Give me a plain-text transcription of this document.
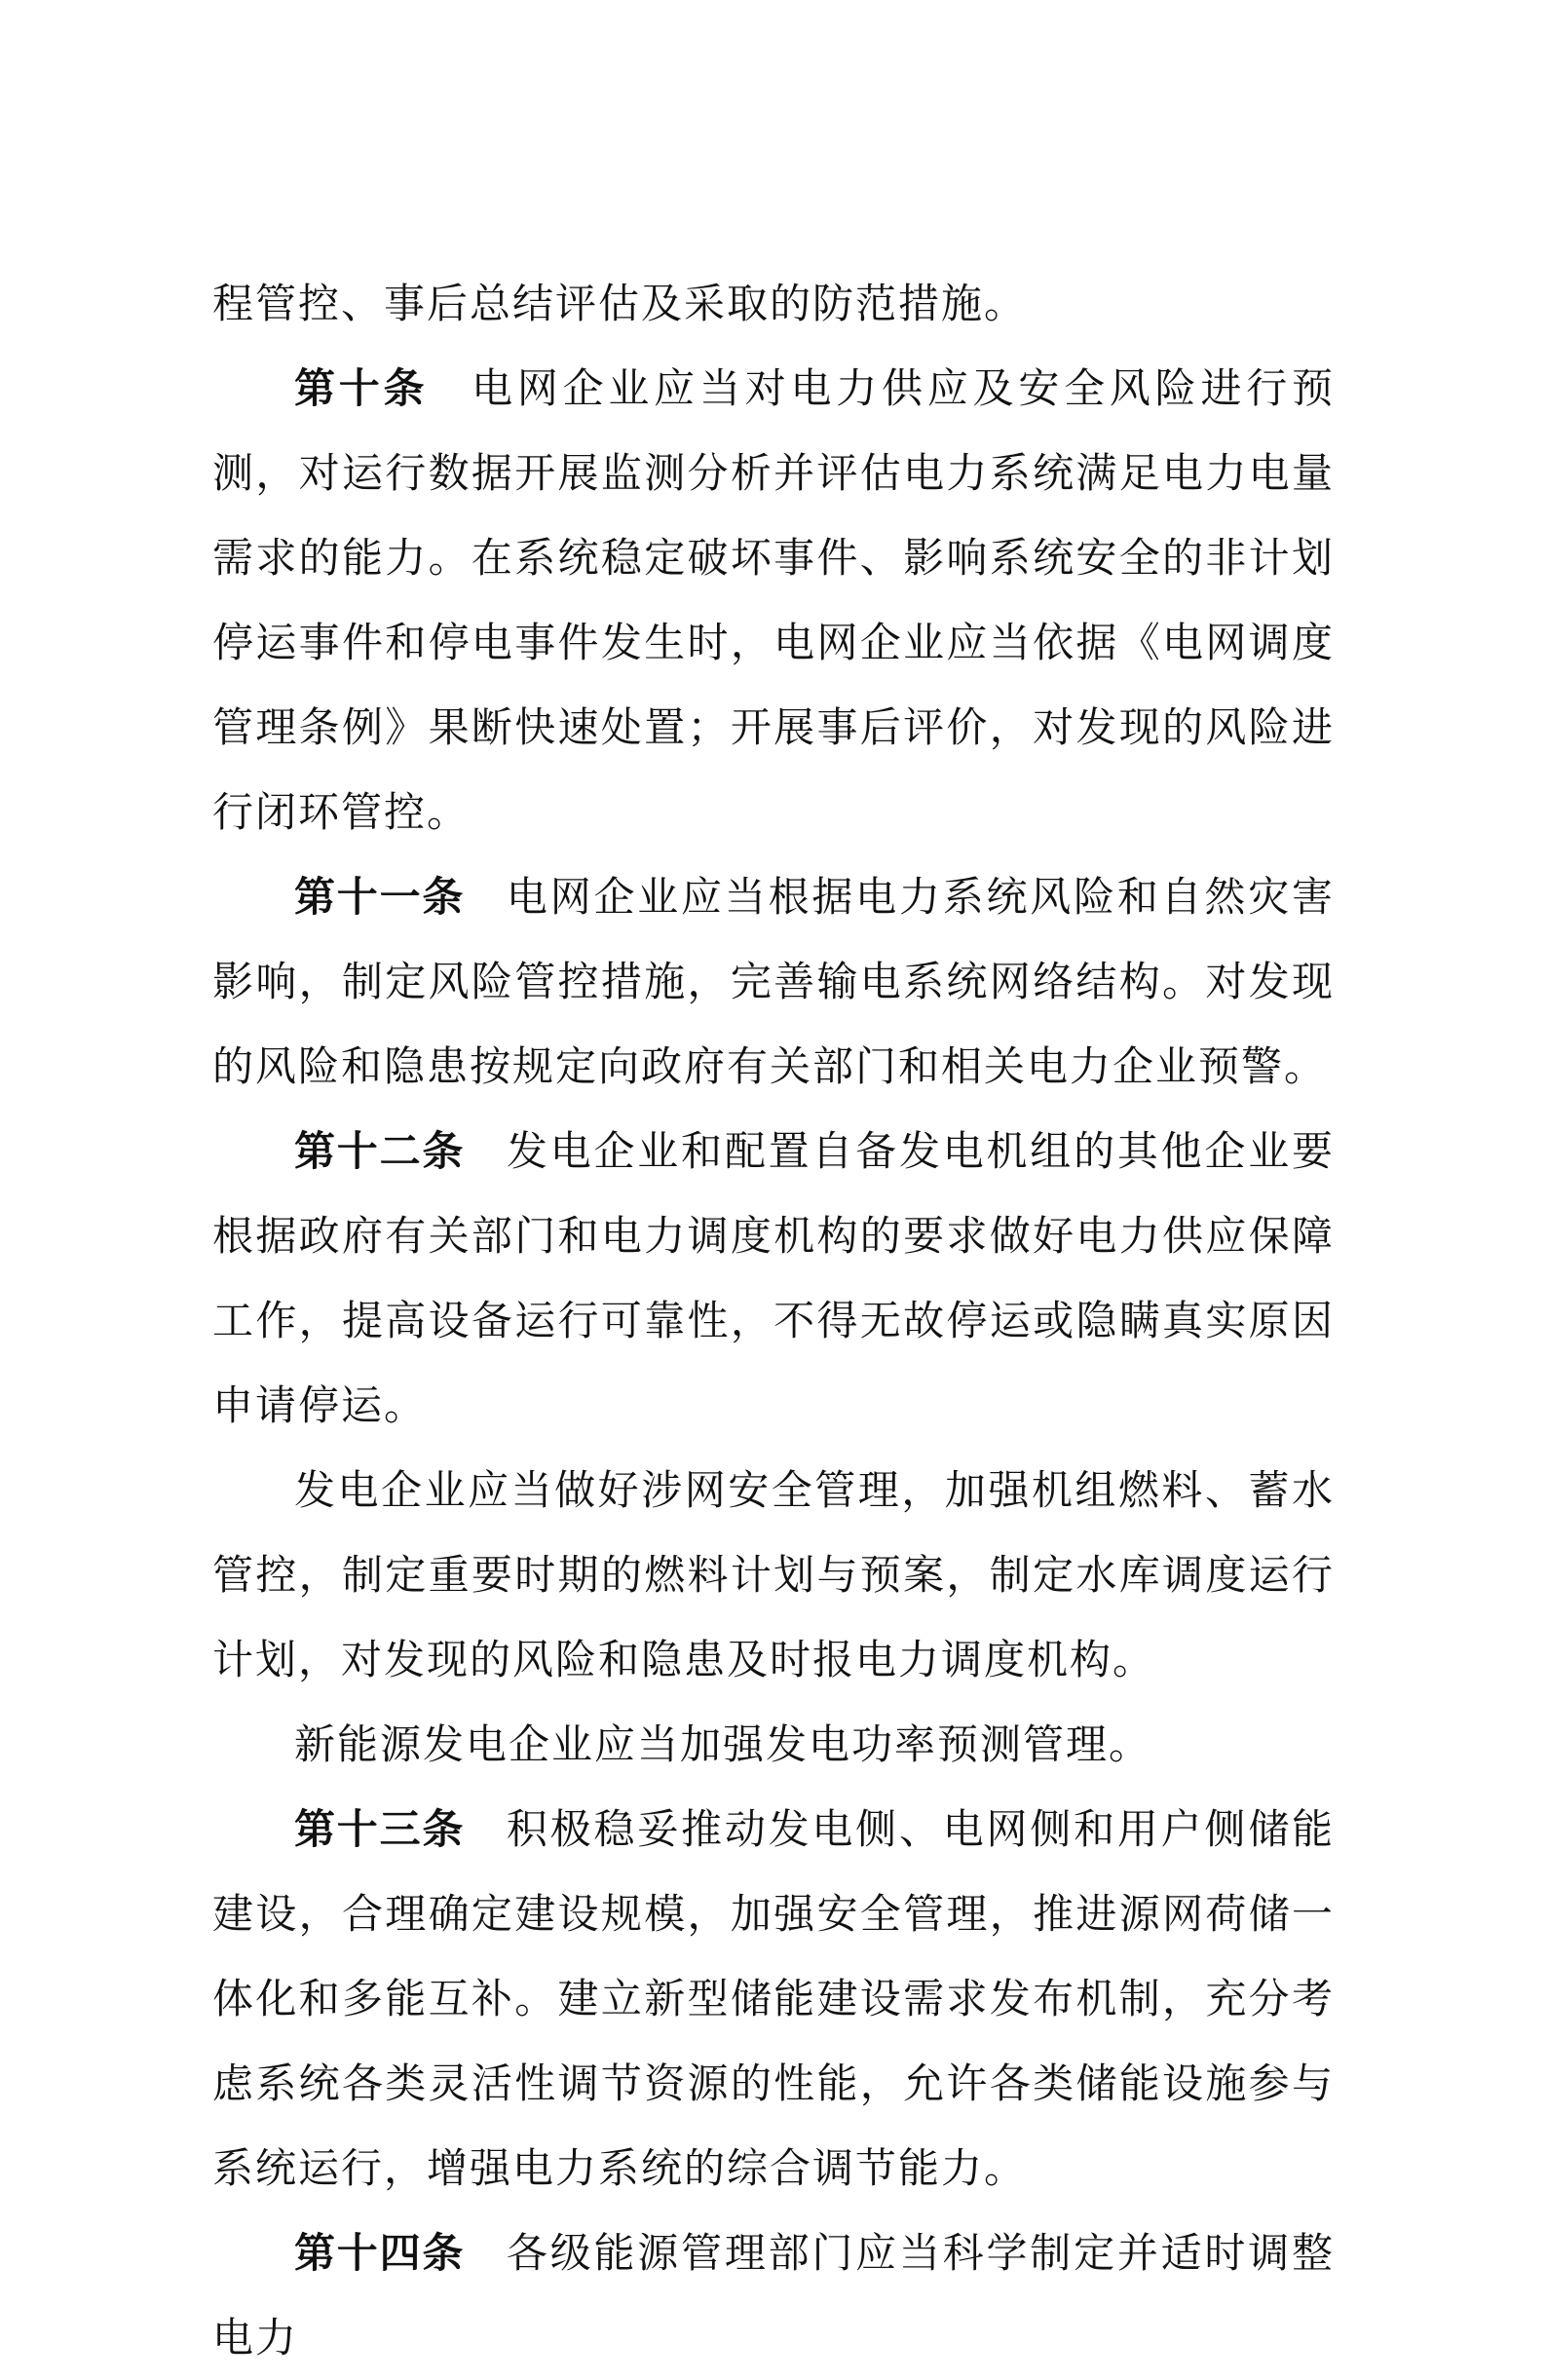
程管控、事后总结评估及采取的防范措施。

第十条 电网企业应当对电力供应及安全风险进行预测，对运行数据开展监测分析并评估电力系统满足电力电量需求的能力。在系统稳定破坏事件、影响系统安全的非计划停运事件和停电事件发生时，电网企业应当依据《电网调度管理条例》果断快速处置；开展事后评价，对发现的风险进行闭环管控。

第十一条 电网企业应当根据电力系统风险和自然灾害影响，制定风险管控措施，完善输电系统网络结构。对发现的风险和隐患按规定向政府有关部门和相关电力企业预警。

第十二条 发电企业和配置自备发电机组的其他企业要根据政府有关部门和电力调度机构的要求做好电力供应保障工作，提高设备运行可靠性，不得无故停运或隐瞒真实原因申请停运。

发电企业应当做好涉网安全管理，加强机组燃料、蓄水管控，制定重要时期的燃料计划与预案，制定水库调度运行计划，对发现的风险和隐患及时报电力调度机构。

新能源发电企业应当加强发电功率预测管理。

第十三条 积极稳妥推动发电侧、电网侧和用户侧储能建设，合理确定建设规模，加强安全管理，推进源网荷储一体化和多能互补。建立新型储能建设需求发布机制，充分考虑系统各类灵活性调节资源的性能，允许各类储能设施参与系统运行，增强电力系统的综合调节能力。

第十四条 各级能源管理部门应当科学制定并适时调整电力
